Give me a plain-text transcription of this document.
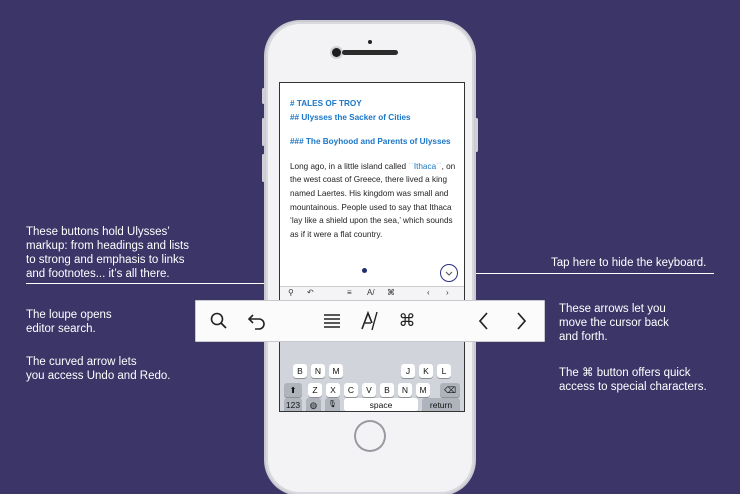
These buttons hold Ulysses’
markup: from headings and lists
to strong and emphasis to links
and footnotes... it’s all there.
The loupe opens
editor search.
The curved arrow lets
you access Undo and Redo.
Tap here to hide the keyboard.
These arrows let you
move the cursor back
and forth.
The ⌘ button offers quick
access to special characters.
# TALES OF TROY
## Ulysses the Sacker of Cities
### The Boyhood and Parents of Ulysses
Long ago, in a little island called ``Ithaca``, on the west coast of Greece, there lived a king named Laertes. His kingdom was small and mountainous. People used to say that Ithaca ‘lay like a shield upon the sea,’ which sounds as if it were a flat country.
⚲ ↶	≡ A/ ⌘	‹ ›
B	N	M	J	K	L
⬆	Z	X	C	V	B	N	M	⌫
123	◍	🎙	space	return
⌘
